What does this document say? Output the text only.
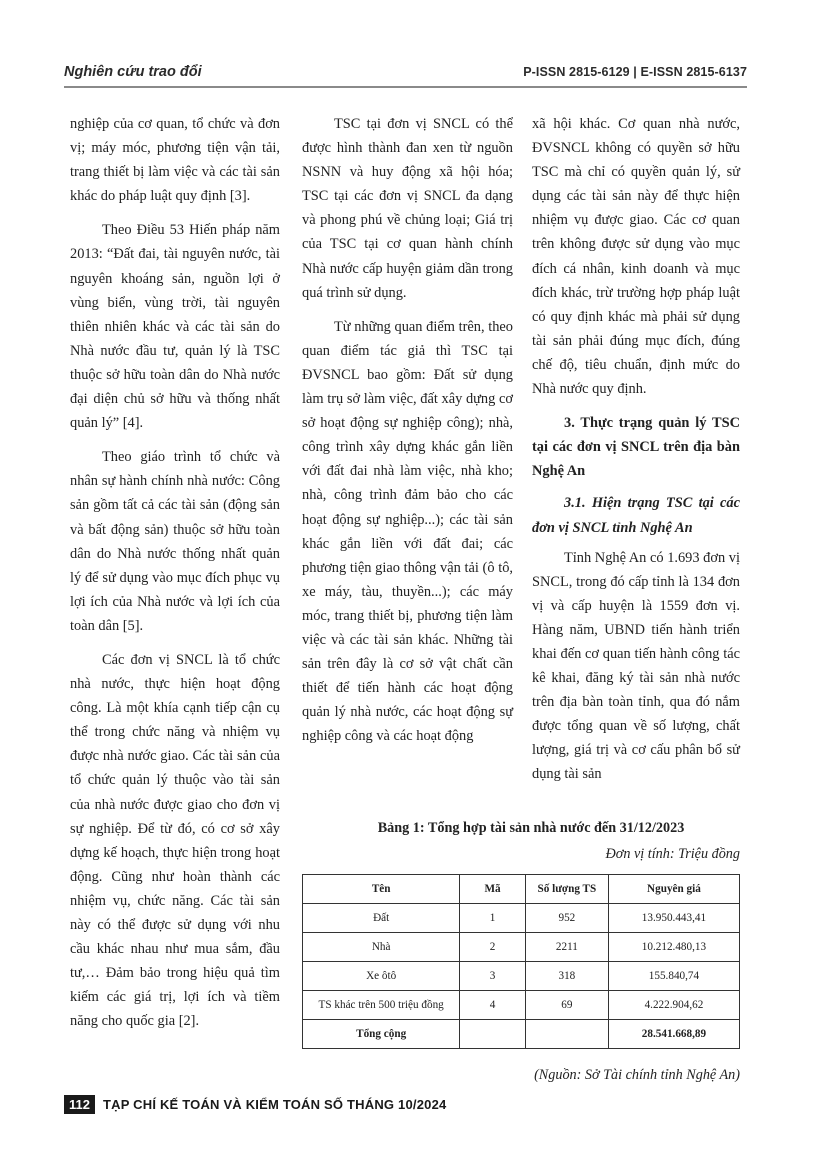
Nghiên cứu trao đổi	P-ISSN 2815-6129 | E-ISSN 2815-6137

nghiệp của cơ quan, tổ chức và đơn vị; máy móc, phương tiện vận tải, trang thiết bị làm việc và các tài sản khác do pháp luật quy định [3].

Theo Điều 53 Hiến pháp năm 2013: “Đất đai, tài nguyên nước, tài nguyên khoáng sản, nguồn lợi ở vùng biển, vùng trời, tài nguyên thiên nhiên khác và các tài sản do Nhà nước đầu tư, quản lý là TSC thuộc sở hữu toàn dân do Nhà nước đại diện chủ sở hữu và thống nhất quản lý” [4].

Theo giáo trình tổ chức và nhân sự hành chính nhà nước: Công sản gồm tất cả các tài sản (động sản và bất động sản) thuộc sở hữu toàn dân do Nhà nước thống nhất quản lý để sử dụng vào mục đích phục vụ lợi ích của Nhà nước và lợi ích của toàn dân [5].

Các đơn vị SNCL là tổ chức nhà nước, thực hiện hoạt động công. Là một khía cạnh tiếp cận cụ thể trong chức năng và nhiệm vụ được nhà nước giao. Các tài sản của tổ chức quản lý thuộc vào tài sản của nhà nước được giao cho đơn vị sự nghiệp. Để từ đó, có cơ sở xây dựng kế hoạch, thực hiện trong hoạt động. Cũng như hoàn thành các nhiệm vụ, chức năng. Các tài sản này có thể được sử dụng với nhu cầu khác nhau như mua sắm, đầu tư,… Đảm bảo trong hiệu quả tìm kiếm các giá trị, lợi ích và tiềm năng cho quốc gia [2].

TSC tại đơn vị SNCL có thể được hình thành đan xen từ nguồn NSNN và huy động xã hội hóa; TSC tại các đơn vị SNCL đa dạng và phong phú về chủng loại; Giá trị của TSC tại cơ quan hành chính Nhà nước cấp huyện giảm dần trong quá trình sử dụng.

Từ những quan điểm trên, theo quan điểm tác giả thì TSC tại ĐVSNCL bao gồm: Đất sử dụng làm trụ sở làm việc, đất xây dựng cơ sở hoạt động sự nghiệp công); nhà, công trình xây dựng khác gắn liền với đất đai nhà làm việc, nhà kho; nhà, công trình đảm bảo cho các hoạt động sự nghiệp...); các tài sản khác gắn liền với đất đai; các phương tiện giao thông vận tải (ô tô, xe máy, tàu, thuyền...); các máy móc, trang thiết bị, phương tiện làm việc và các tài sản khác. Những tài sản trên đây là cơ sở vật chất cần thiết để tiến hành các hoạt động quản lý nhà nước, các hoạt động sự nghiệp công và các hoạt động

xã hội khác. Cơ quan nhà nước, ĐVSNCL không có quyền sở hữu TSC mà chỉ có quyền quản lý, sử dụng các tài sản này để thực hiện nhiệm vụ được giao. Các cơ quan trên không được sử dụng vào mục đích cá nhân, kinh doanh và mục đích khác, trừ trường hợp pháp luật có quy định khác mà phải sử dụng tài sản phải đúng mục đích, đúng chế độ, tiêu chuẩn, định mức do Nhà nước quy định.

3. Thực trạng quản lý TSC tại các đơn vị SNCL trên địa bàn Nghệ An
3.1. Hiện trạng TSC tại các đơn vị SNCL tỉnh Nghệ An

Tỉnh Nghệ An có 1.693 đơn vị SNCL, trong đó cấp tỉnh là 134 đơn vị và cấp huyện là 1559 đơn vị. Hàng năm, UBND tiến hành triển khai đến cơ quan tiến hành công tác kê khai, đăng ký tài sản nhà nước trên địa bàn toàn tỉnh, qua đó nắm được tổng quan về số lượng, chất lượng, giá trị và cơ cấu phân bổ sử dụng tài sản

Bảng 1: Tổng hợp tài sản nhà nước đến 31/12/2023
Đơn vị tính: Triệu đồng
Tên	Mã	Số lượng TS	Nguyên giá
Đất	1	952	13.950.443,41
Nhà	2	2211	10.212.480,13
Xe ôtô	3	318	155.840,74
TS khác trên 500 triệu đồng	4	69	4.222.904,62
Tổng cộng			28.541.668,89
(Nguồn: Sở Tài chính tỉnh Nghệ An)
112	TẠP CHÍ KẾ TOÁN VÀ KIỂM TOÁN SỐ THÁNG 10/2024
